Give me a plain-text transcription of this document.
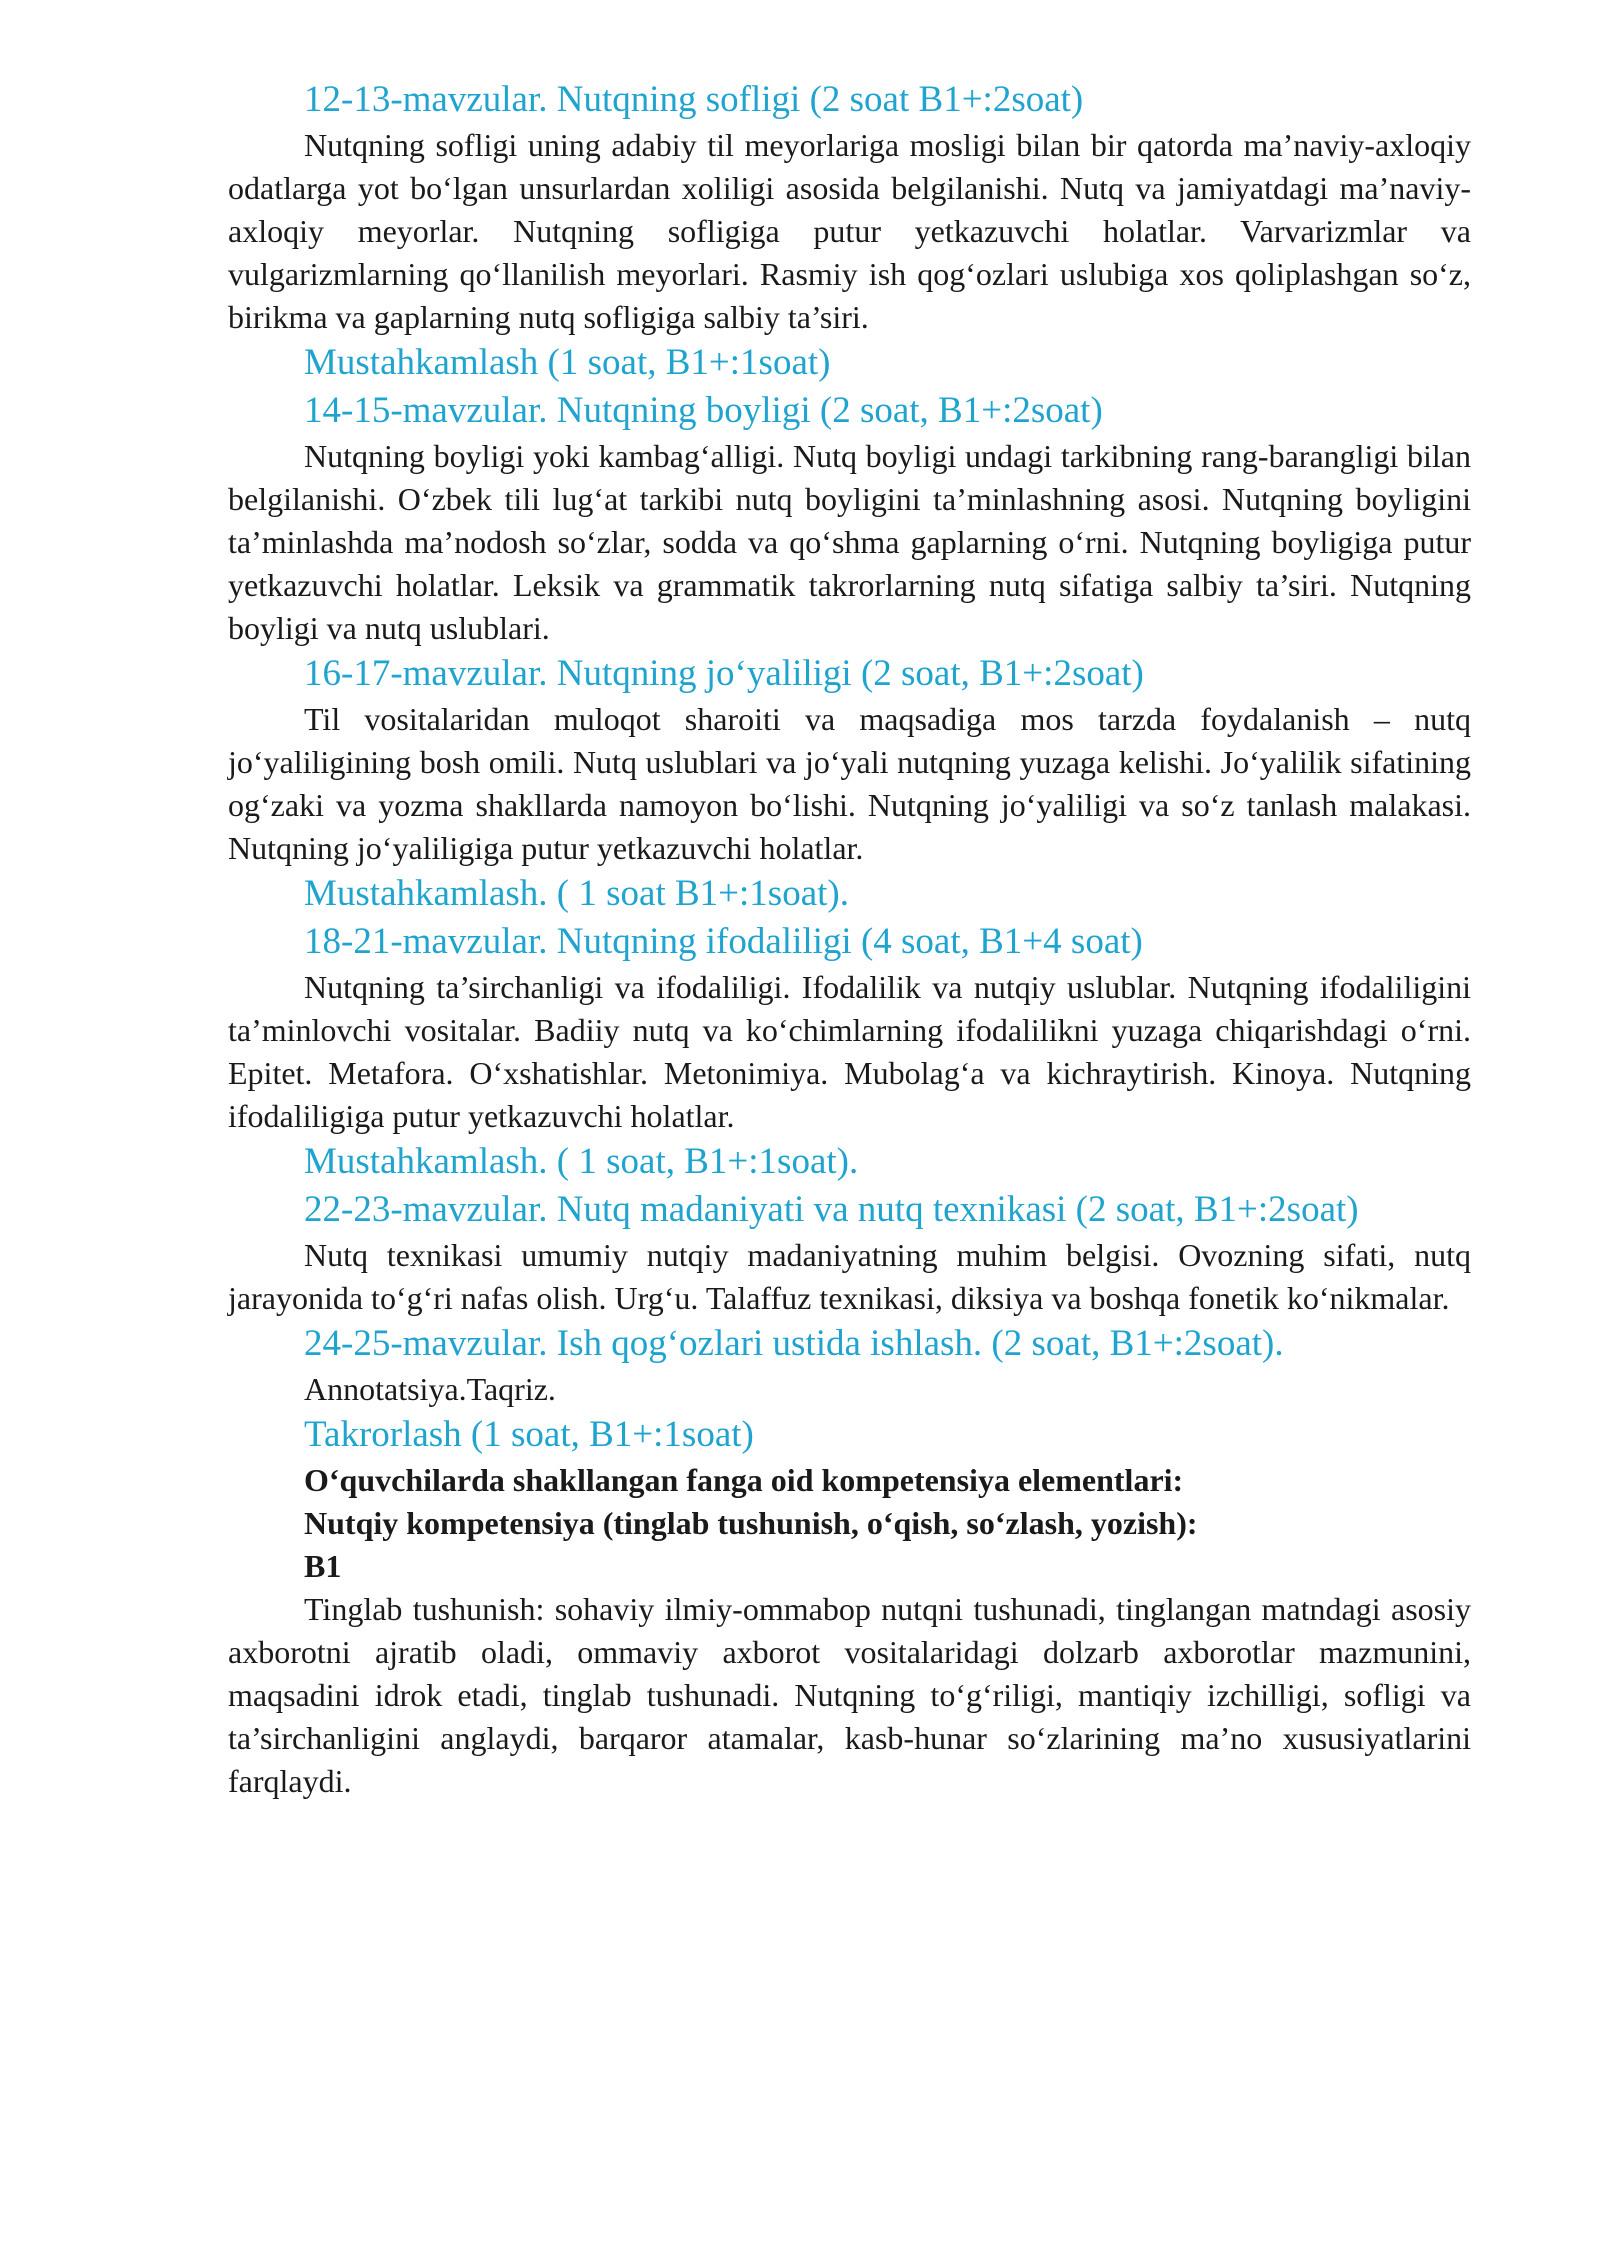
12-13-mavzular. Nutqning sofligi (2 soat B1+:2soat)

Nutqning sofligi uning adabiy til meyorlariga mosligi bilan bir qatorda ma’naviy-axloqiy odatlarga yot bo‘lgan unsurlardan xoliligi asosida belgilanishi. Nutq va jamiyatdagi ma’naviy-axloqiy meyorlar. Nutqning sofligiga putur yetkazuvchi holatlar. Varvarizmlar va vulgarizmlarning qo‘llanilish meyorlari. Rasmiy ish qog‘ozlari uslubiga xos qoliplashgan so‘z, birikma va gaplarning nutq sofligiga salbiy ta’siri.

Mustahkamlash (1 soat, B1+:1soat)

14-15-mavzular. Nutqning boyligi (2 soat, B1+:2soat)

Nutqning boyligi yoki kambag‘alligi. Nutq boyligi undagi tarkibning rang-barangligi bilan belgilanishi. O‘zbek tili lug‘at tarkibi nutq boyligini ta’minlashning asosi. Nutqning boyligini ta’minlashda ma’nodosh so‘zlar, sodda va qo‘shma gaplarning o‘rni. Nutqning boyligiga putur yetkazuvchi holatlar. Leksik va grammatik takrorlarning nutq sifatiga salbiy ta’siri. Nutqning boyligi va nutq uslublari.

16-17-mavzular. Nutqning jo‘yaliligi (2 soat, B1+:2soat)

Til vositalaridan muloqot sharoiti va maqsadiga mos tarzda foydalanish – nutq jo‘yaliligining bosh omili. Nutq uslublari va jo‘yali nutqning yuzaga kelishi. Jo‘yalilik sifatining og‘zaki va yozma shakllarda namoyon bo‘lishi. Nutqning jo‘yaliligi va so‘z tanlash malakasi. Nutqning jo‘yaliligiga putur yetkazuvchi holatlar.

Mustahkamlash. ( 1 soat B1+:1soat).

18-21-mavzular. Nutqning ifodaliligi (4 soat, B1+4 soat)

Nutqning ta’sirchanligi va ifodaliligi. Ifodalilik va nutqiy uslublar. Nutqning ifodaliligini ta’minlovchi vositalar. Badiiy nutq va ko‘chimlarning ifodalilikni yuzaga chiqarishdagi o‘rni. Epitet. Metafora. O‘xshatishlar. Metonimiya. Mubolag‘a va kichraytirish. Kinoya. Nutqning ifodaliligiga putur yetkazuvchi holatlar.

Mustahkamlash. ( 1 soat, B1+:1soat).

22-23-mavzular. Nutq madaniyati va nutq texnikasi (2 soat, B1+:2soat)

Nutq texnikasi umumiy nutqiy madaniyatning muhim belgisi. Ovozning sifati, nutq jarayonida to‘g‘ri nafas olish. Urg‘u. Talaffuz texnikasi, diksiya va boshqa fonetik ko‘nikmalar.

24-25-mavzular. Ish qog‘ozlari ustida ishlash. (2 soat, B1+:2soat).

Annotatsiya.Taqriz.

Takrorlash (1 soat, B1+:1soat)

O‘quvchilarda shakllangan fanga oid kompetensiya elementlari:

Nutqiy kompetensiya (tinglab tushunish, o‘qish, so‘zlash, yozish):

B1

Tinglab tushunish: sohaviy ilmiy-ommabop nutqni tushunadi, tinglangan matndagi asosiy axborotni ajratib oladi, ommaviy axborot vositalaridagi dolzarb axborotlar mazmunini, maqsadini idrok etadi, tinglab tushunadi. Nutqning to‘g‘riligi, mantiqiy izchilligi, sofligi va ta’sirchanligini anglaydi, barqaror atamalar, kasb-hunar so‘zlarining ma’no xususiyatlarini farqlaydi.
